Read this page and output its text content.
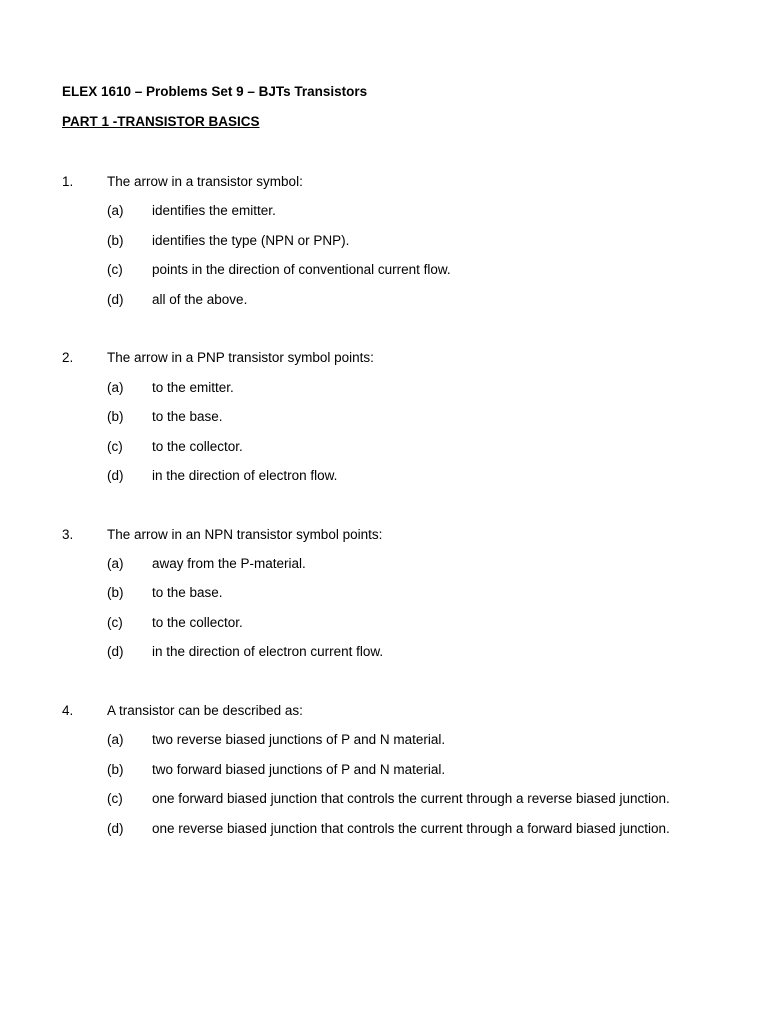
ELEX 1610 – Problems Set 9 – BJTs Transistors
PART 1 -TRANSISTOR BASICS
1. The arrow in a transistor symbol:
(a) identifies the emitter.
(b) identifies the type (NPN or PNP).
(c) points in the direction of conventional current flow.
(d) all of the above.
2. The arrow in a PNP transistor symbol points:
(a) to the emitter.
(b) to the base.
(c) to the collector.
(d) in the direction of electron flow.
3. The arrow in an NPN transistor symbol points:
(a) away from the P-material.
(b) to the base.
(c) to the collector.
(d) in the direction of electron current flow.
4. A transistor can be described as:
(a) two reverse biased junctions of P and N material.
(b) two forward biased junctions of P and N material.
(c) one forward biased junction that controls the current through a reverse biased junction.
(d) one reverse biased junction that controls the current through a forward biased junction.
